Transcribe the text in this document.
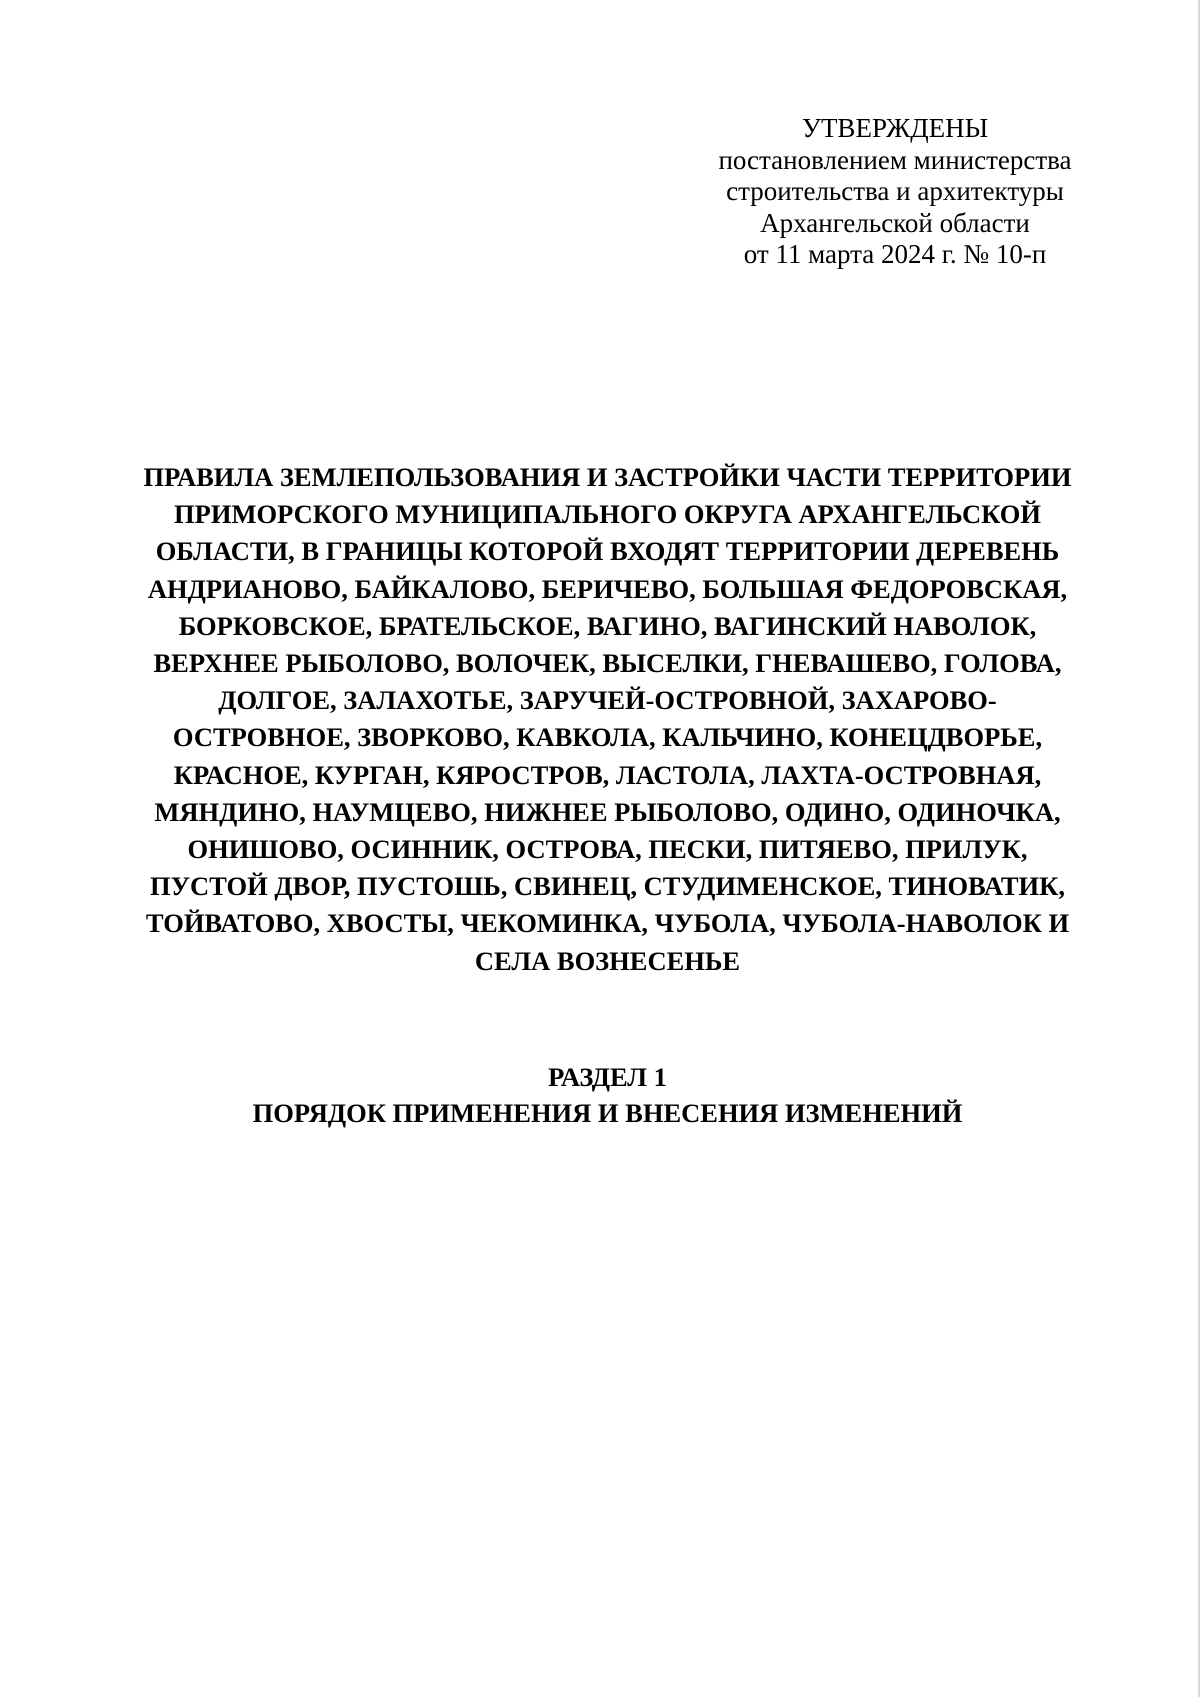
УТВЕРЖДЕНЫ
постановлением министерства
строительства и архитектуры
Архангельской области
от 11 марта 2024 г. № 10-п
ПРАВИЛА ЗЕМЛЕПОЛЬЗОВАНИЯ И ЗАСТРОЙКИ ЧАСТИ ТЕРРИТОРИИ
ПРИМОРСКОГО МУНИЦИПАЛЬНОГО ОКРУГА АРХАНГЕЛЬСКОЙ
ОБЛАСТИ, В ГРАНИЦЫ КОТОРОЙ ВХОДЯТ ТЕРРИТОРИИ ДЕРЕВЕНЬ
АНДРИАНОВО, БАЙКАЛОВО, БЕРИЧЕВО, БОЛЬШАЯ ФЕДОРОВСКАЯ,
БОРКОВСКОЕ, БРАТЕЛЬСКОЕ, ВАГИНО, ВАГИНСКИЙ НАВОЛОК,
ВЕРХНЕЕ РЫБОЛОВО, ВОЛОЧЕК, ВЫСЕЛКИ, ГНЕВАШЕВО, ГОЛОВА,
ДОЛГОЕ, ЗАЛАХОТЬЕ, ЗАРУЧЕЙ-ОСТРОВНОЙ, ЗАХАРОВО-
ОСТРОВНОЕ, ЗВОРКОВО, КАВКОЛА, КАЛЬЧИНО, КОНЕЦДВОРЬЕ,
КРАСНОЕ, КУРГАН, КЯРОСТРОВ, ЛАСТОЛА, ЛАХТА-ОСТРОВНАЯ,
МЯНДИНО, НАУМЦЕВО, НИЖНЕЕ РЫБОЛОВО, ОДИНО, ОДИНОЧКА,
ОНИШОВО, ОСИННИК, ОСТРОВА, ПЕСКИ, ПИТЯЕВО, ПРИЛУК,
ПУСТОЙ ДВОР, ПУСТОШЬ, СВИНЕЦ, СТУДИМЕНСКОЕ, ТИНОВАТИК,
ТОЙВАТОВО, ХВОСТЫ, ЧЕКОМИНКА, ЧУБОЛА, ЧУБОЛА-НАВОЛОК И
СЕЛА ВОЗНЕСЕНЬЕ
РАЗДЕЛ 1
ПОРЯДОК ПРИМЕНЕНИЯ И ВНЕСЕНИЯ ИЗМЕНЕНИЙ
